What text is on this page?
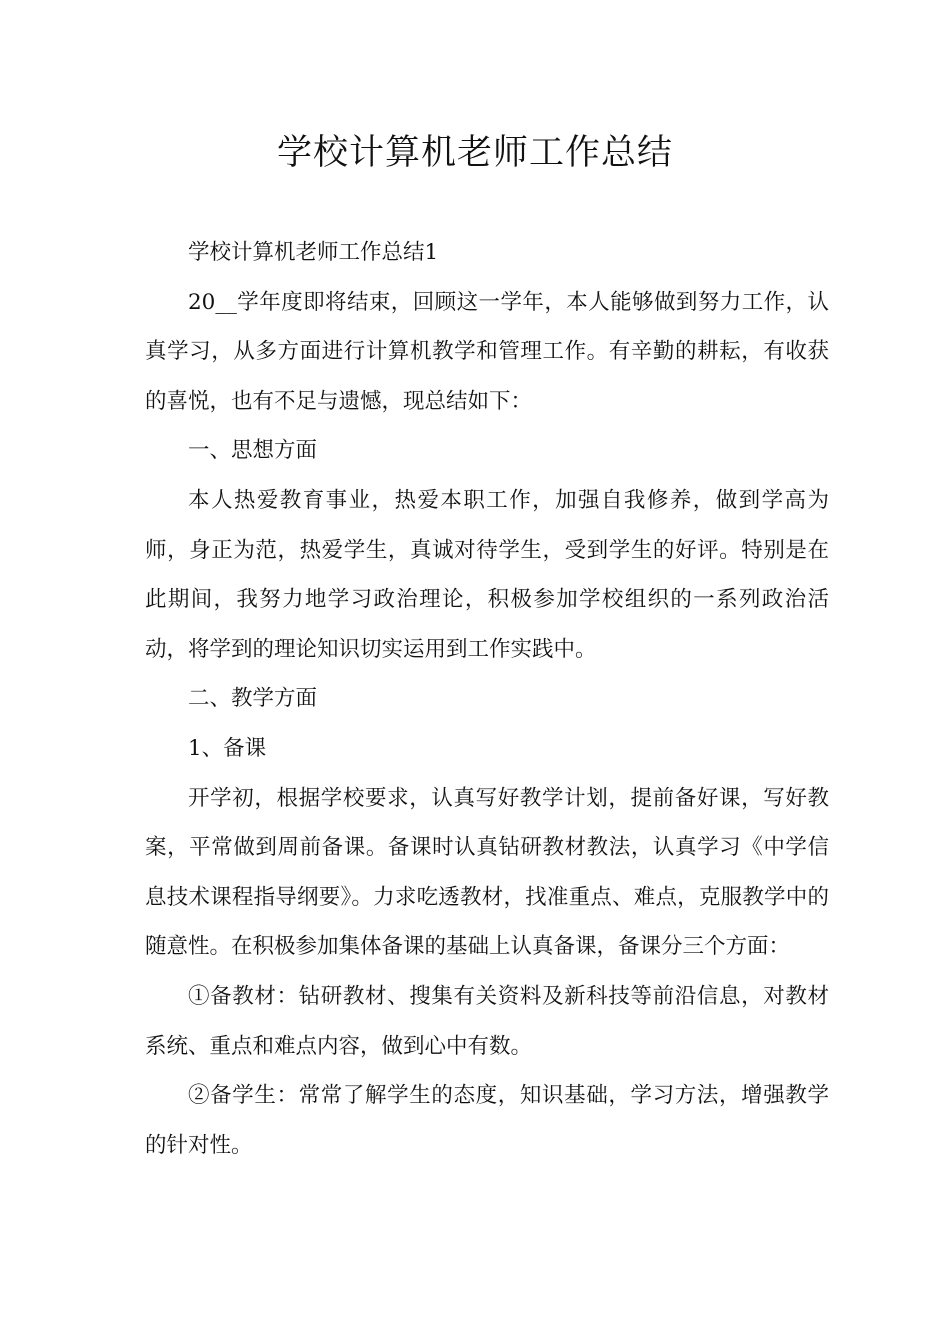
学校计算机老师工作总结

学校计算机老师工作总结1

20__学年度即将结束，回顾这一学年，本人能够做到努力工作，认真学习，从多方面进行计算机教学和管理工作。有辛勤的耕耘，有收获的喜悦，也有不足与遗憾，现总结如下：

一、思想方面

本人热爱教育事业，热爱本职工作，加强自我修养，做到学高为师，身正为范，热爱学生，真诚对待学生，受到学生的好评。特别是在此期间，我努力地学习政治理论，积极参加学校组织的一系列政治活动，将学到的理论知识切实运用到工作实践中。

二、教学方面

1、备课

开学初，根据学校要求，认真写好教学计划，提前备好课，写好教案，平常做到周前备课。备课时认真钻研教材教法，认真学习《中学信息技术课程指导纲要》。力求吃透教材，找准重点、难点，克服教学中的随意性。在积极参加集体备课的基础上认真备课，备课分三个方面：

①备教材：钻研教材、搜集有关资料及新科技等前沿信息，对教材系统、重点和难点内容，做到心中有数。

②备学生：常常了解学生的态度，知识基础，学习方法，增强教学的针对性。
